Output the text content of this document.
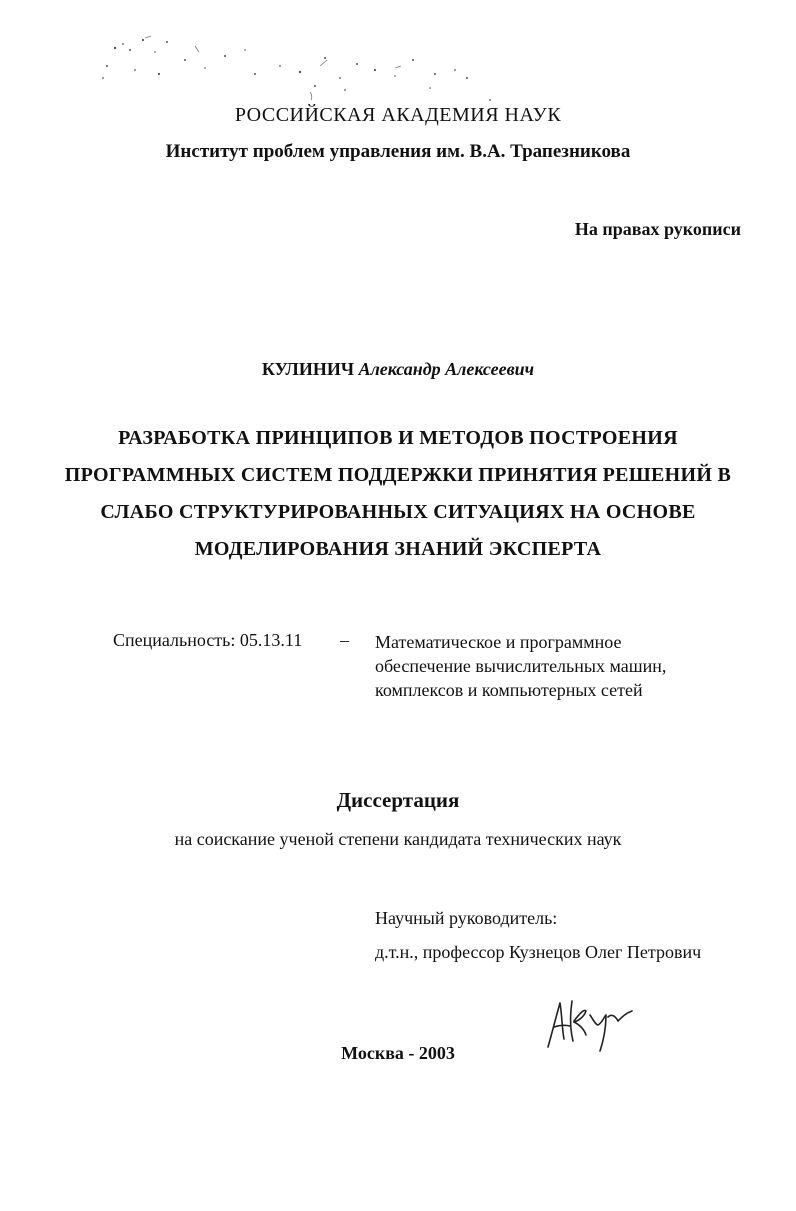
РОССИЙСКАЯ АКАДЕМИЯ НАУК
Институт проблем управления им. В.А. Трапезникова
На правах рукописи
КУЛИНИЧ Александр Алексеевич
РАЗРАБОТКА ПРИНЦИПОВ И МЕТОДОВ ПОСТРОЕНИЯ
ПРОГРАММНЫХ СИСТЕМ ПОДДЕРЖКИ ПРИНЯТИЯ РЕШЕНИЙ В
СЛАБО СТРУКТУРИРОВАННЫХ СИТУАЦИЯХ НА ОСНОВЕ
МОДЕЛИРОВАНИЯ ЗНАНИЙ ЭКСПЕРТА
Специальность: 05.13.11 – Математическое и программное
обеспечение вычислительных машин,
комплексов и компьютерных сетей
Диссертация
на соискание ученой степени кандидата технических наук
Научный руководитель:
д.т.н., профессор Кузнецов Олег Петрович
Москва - 2003
